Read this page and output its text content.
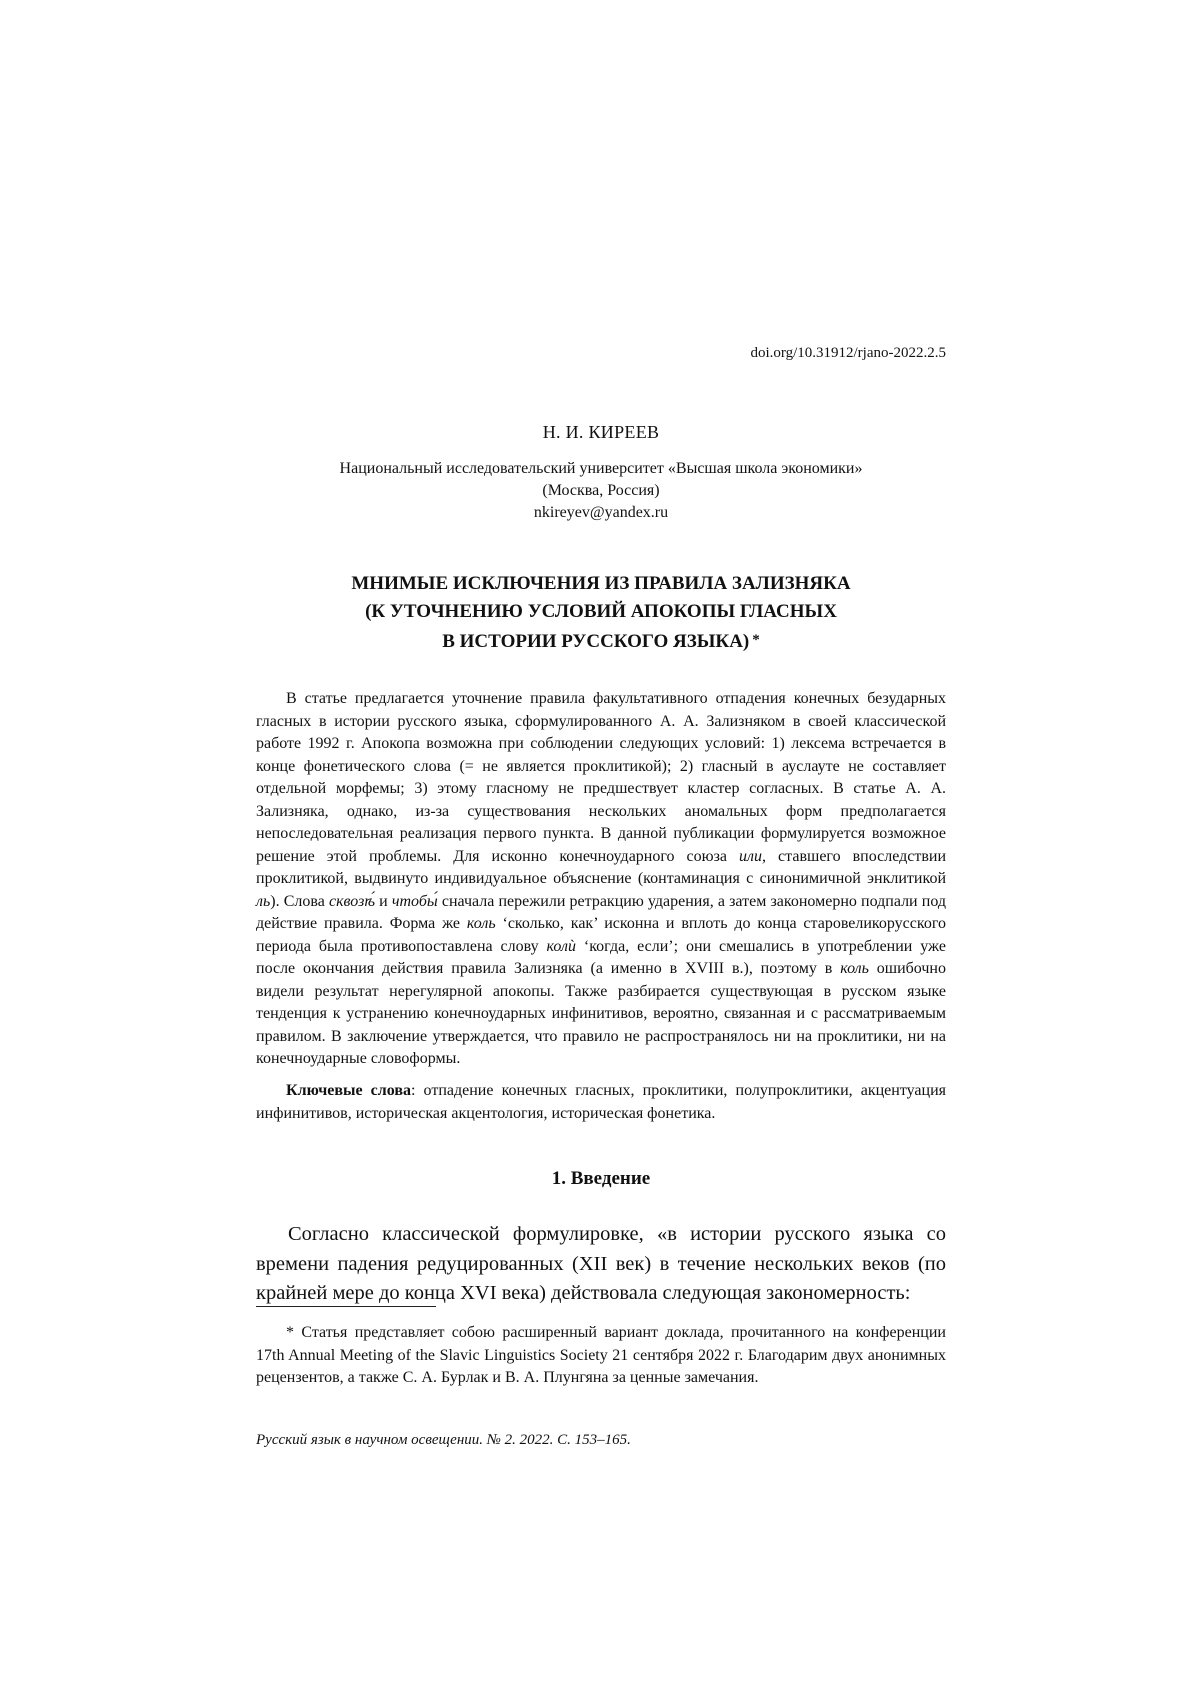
doi.org/10.31912/rjano-2022.2.5
Н. И. КИРЕЕВ
Национальный исследовательский университет «Высшая школа экономики»
(Москва, Россия)
nkireyev@yandex.ru
МНИМЫЕ ИСКЛЮЧЕНИЯ ИЗ ПРАВИЛА ЗАЛИЗНЯКА
(К УТОЧНЕНИЮ УСЛОВИЙ АПОКОПЫ ГЛАСНЫХ
В ИСТОРИИ РУССКОГО ЯЗЫКА) *

В статье предлагается уточнение правила факультативного отпадения конечных безударных гласных в истории русского языка, сформулированного А. А. Зализняком в своей классической работе 1992 г. Апокопа возможна при соблюдении следующих условий: 1) лексема встречается в конце фонетического слова (= не является проклитикой); 2) гласный в ауслауте не составляет отдельной морфемы; 3) этому гласному не предшествует кластер согласных. В статье А. А. Зализняка, однако, из-за существования нескольких аномальных форм предполагается непоследовательная реализация первого пункта. В данной публикации формулируется возможное решение этой проблемы. Для исконно конечноударного союза или, ставшего впоследствии проклитикой, выдвинуто индивидуальное объяснение (контаминация с синонимичной энклитикой ль). Слова сквозѣ́ и чтобы́ сначала пережили ретракцию ударения, а затем закономерно подпали под действие правила. Форма же коль ‘сколько, как’ исконна и вплоть до конца старовеликорусского периода была противопоставлена слову колѝ ‘когда, если’; они смешались в употреблении уже после окончания действия правила Зализняка (а именно в XVIII в.), поэтому в коль ошибочно видели результат нерегулярной апокопы. Также разбирается существующая в русском языке тенденция к устранению конечноударных инфинитивов, вероятно, связанная и с рассматриваемым правилом. В заключение утверждается, что правило не распространялось ни на проклитики, ни на конечноударные словоформы.

Ключевые слова: отпадение конечных гласных, проклитики, полупроклитики, акцентуация инфинитивов, историческая акцентология, историческая фонетика.
1. Введение

Согласно классической формулировке, «в истории русского языка со времени падения редуцированных (XII век) в течение нескольких веков (по крайней мере до конца XVI века) действовала следующая закономерность:

* Статья представляет собою расширенный вариант доклада, прочитанного на конференции 17th Annual Meeting of the Slavic Linguistics Society 21 сентября 2022 г. Благодарим двух анонимных рецензентов, а также С. А. Бурлак и В. А. Плунгяна за ценные замечания.

Русский язык в научном освещении. № 2. 2022. С. 153–165.
